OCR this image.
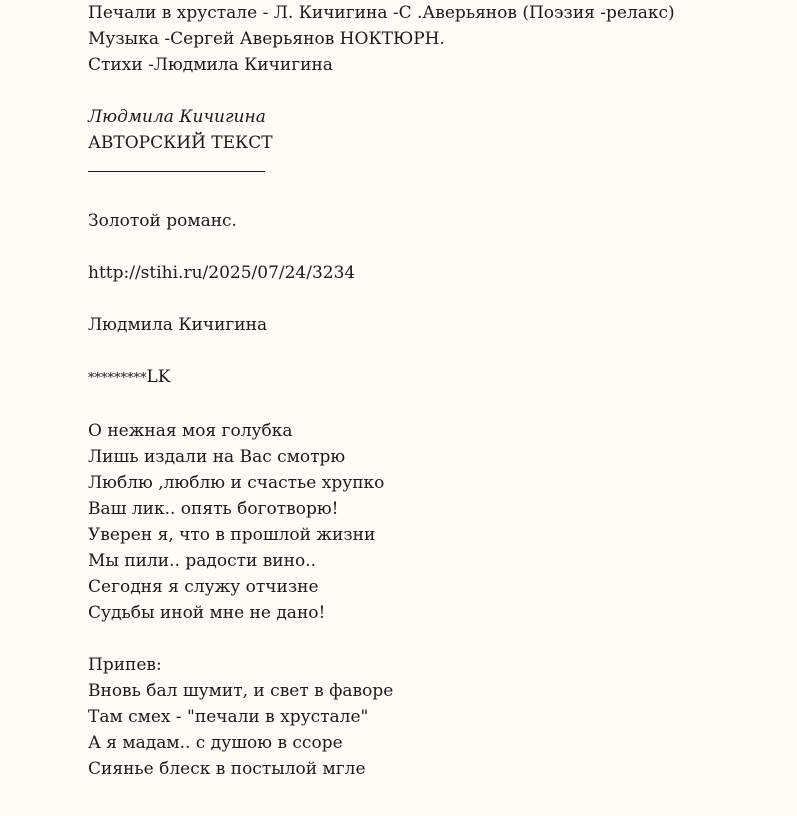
Печали в хрустале - Л. Кичигина -С .Аверьянов (Поэзия -релакс)
Музыка -Сергей Аверьянов НОКТЮРН.
Стихи -Людмила Кичигина
Людмила Кичигина
АВТОРСКИЙ ТЕКСТ
Золотой романс.
http://stihi.ru/2025/07/24/3234
Людмила Кичигина
*********LK
О нежная моя голубка
Лишь издали на Вас смотрю
Люблю ,люблю и счастье хрупко
Ваш лик.. опять боготворю!
Уверен я, что в прошлой жизни
Мы пили.. радости вино..
Сегодня я служу отчизне
Судьбы иной мне не дано!
Припев:
Вновь бал шумит, и свет в фаворе
Там смех - "печали в хрустале"
А я мадам.. с душою в ссоре
Сиянье блеск в постылой мгле
